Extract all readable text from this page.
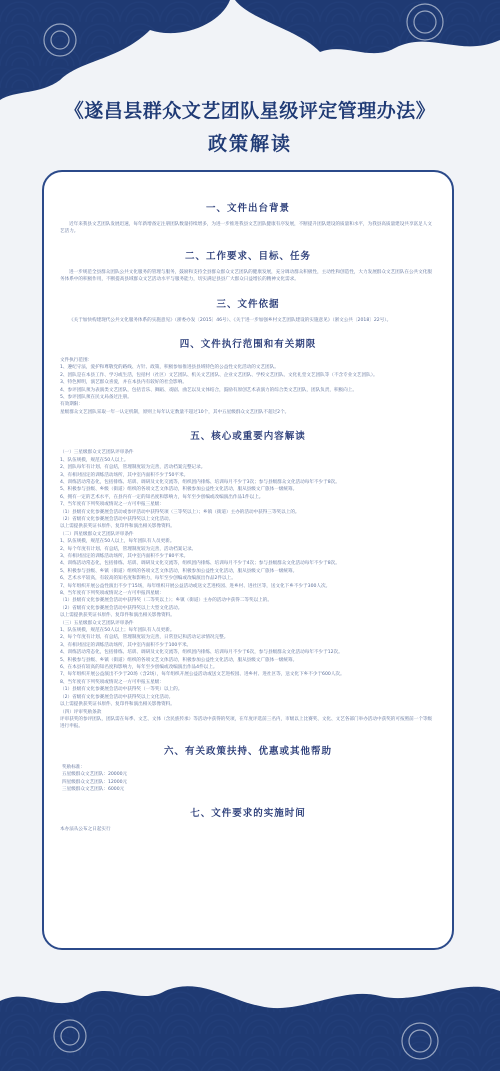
《遂昌县群众文艺团队星级评定管理办法》
政策解读
一、文件出台背景

近年来我县文艺团队发展迅速，每年新增备定注册团队数量持续增多，为进一步推进我县文艺团队健康有序发展，不断提升团队建设的质量和水平，为我县高质量建设共享富足人文艺活力。

二、工作要求、目标、任务

进一步规范全县群众团队公共文化服务的管理与服务，鼓励和支持全县群众群众文艺团队的健康发展，充分调动群众积极性，主动性和创造性，大力发展群众文艺团队在公共文化服务体系中的积极作用，不断提高县域群众文艺活动水平与服务能力，切实满足县县广大群众日益增长的精神文化需求。

三、文件依据

《关于加快构建现代公共文化服务体系的实施意见》（浙委办发〔2015〕46号）、《关于进一步加强乡村文艺团队建设的实施意见》（浙文公共〔2018〕22号）。

四、文件执行范围和有关期限

文件执行范围：

1、遵纪守法，爱护和尊敬党的路线、方针、政策，积极参加推进县县域特色的公益性文化活动的文艺团队。

2、团队是在本县工作、学习或生活，包括村（社区）文艺团队、机关文艺团队、企业文艺团队、学校文艺团队、文化礼堂文艺团队等（不含专业文艺团队）。

3、特色鲜明，演艺群众喜爱，并在本县内有较好的社会影响。

4、参评团队须为表演类文艺团队，包括音乐、舞蹈、戏剧、曲艺以及文体结合，鼓励有原创艺术表演力的综合类文艺团队，团队负责，积极向上。

5、参评团队须在民文局备过注册。

有效期限：

星级群众文艺团队采取一年一认定机制，原则上每年认定数量不超过10个，其中五星级群众文艺团队不超过2个。

五、核心或重要内容解读

（一）三星级群众文艺团队评审条件

1、队伍规模，规范在50人以上。

2、团队每年有计划、有总结，管理制度较为完善，活动档案完整记录。

3、有相对固定的训练活动场所，其中室内面积不少于50平米。

4、训练活动常态化，包括排练、培训、调研及文化交流等，组织团内排练、培训每月不少于3次；参与县级群众文化活动每年不少于8次。

5、积极参与县级、乡级（街道）组织的各项文艺文体活动，积极参加公益性文化活动，服从县级文广旅体一级统筹。

6、拥有一定的艺术水平，在县内有一定的知名度和影响力，每年至少创编或改编演出作品1件以上。

7、当年度有下列奖项或情况之一方可申报三星级：

（1）县级有文化参赛展会活动或参评活动中获得奖项（三等奖以上）；乡镇（街道）主办的活动中获得三等奖以上的。

（2）省级有文化参赛展会活动中获得奖以上文化活动。

以上需提供获奖证书原件、复印件和演出相关影像资料。

（二）四星级群众文艺团队评审条件

1、队伍规模，规范在50人以上，每年团队有人员更新。

2、每个年度有计划、有总结，管理制度较为完善，活动档案记录。

3、有相对固定的训练活动场所，其中室内面积不少于80平米。

4、训练活动常态化，包括排练、培训、调研及文化交流等，组织团内排练、培训每月不少于4次；参与县级群众文化活动每年不少于8次。

5、积极参与县级、乡镇（街道）组织的各项文艺文体活动，积极参加公益性文化活动，服从县级文广旅体一级统筹。

6、艺术水平较高，有较高的知名度和影响力，每年至少创编或改编演出作品2件以上。

7、每年组织开展公益性演出不少于15场，每年组织开展公益活动或送文艺进校园、进乡村、进社区等，送文化下乡不少于300人次。

8、当年度有下列奖项或情况之一方可申报四星级：

（1）县级有文化参赛展会活动中获得奖（二等奖以上）；乡镇（街道）主办的活动中获得二等奖以上的。

（2）省级有文化参赛展会活动中获得奖以上大型文化活动。

以上需提供获奖证书原件、复印件和演出相关影像资料。

（三）五星级群众文艺团队评审条件

1、队伍规模，规范在50人以上；每年团队有人员更新。

2、每个年度有计划、有总结，管理制度较为完善，日常登记和活动记录情况完整。

3、有相对固定的训练活动场所，其中室内面积不少于100平米。

4、训练活动常态化，包括排练、培训、调研及文化交流等，组织团内排练、培训每月不少于6次，参与县级群众文化活动每年不少于12次。

5、积极参与县级、乡镇（街道）组织的各项文艺文体活动，积极参加公益性文化活动，服从县级文广旅体一级统筹。

6、在本县有较高的知名度和影响力，每年至少创编或改编演出作品4件以上。

7、每年组织开展公益演出不少于20场（含2场），每年组织开展公益活动或送文艺进校园、进乡村、进社区等，送文化下乡不少于600人次。

8、当年度有下列奖项或情况之一方可申报五星级：

（1）县级有文化参赛展会活动中获得奖（一等奖）以上的。

（2）省级有文化参赛展会活动中获得奖以上文化活动。

以上需提供获奖证书原件、复印件和演出相关影像资料。

（四）评审奖励条款

评审获奖的参评团队，团队需在每季、文艺、文体（含民族传承）等活动中获得的奖项，在年度评选前三名内，市级以上比赛奖、文化、文艺各部门举办活动中获奖的可按照前一个等级进行申报。

六、有关政策扶持、优惠或其他帮助

奖励标准：

五星级群众文艺团队：20000元

四星级群众文艺团队：12000元

三星级群众文艺团队：6000元

七、文件要求的实施时间

本办法从公布之日起实行
